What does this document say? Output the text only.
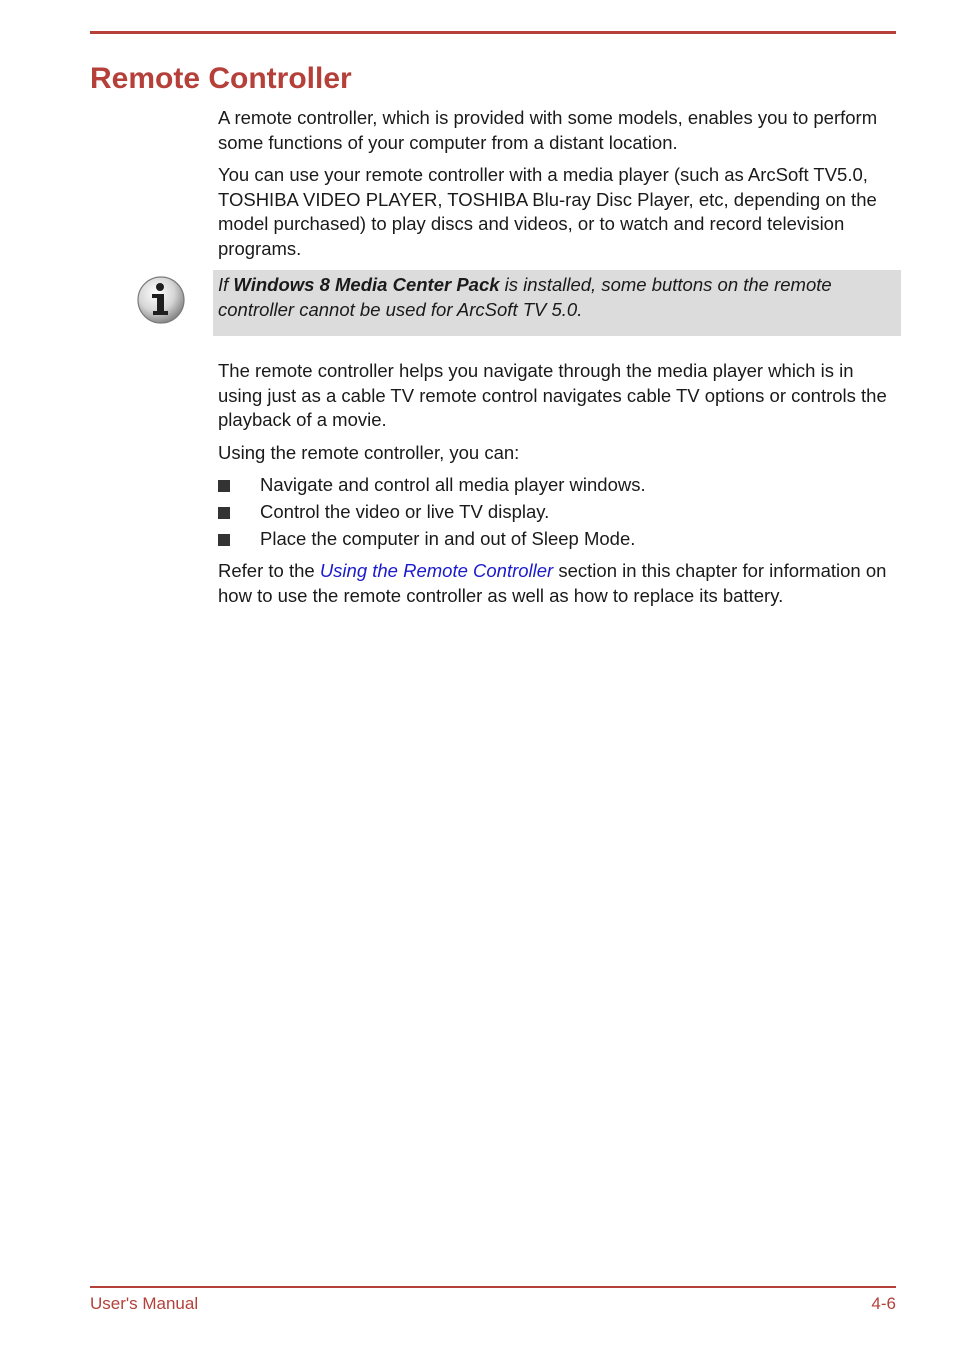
Remote Controller

A remote controller, which is provided with some models, enables you to perform some functions of your computer from a distant location.

You can use your remote controller with a media player (such as ArcSoft TV5.0, TOSHIBA VIDEO PLAYER, TOSHIBA Blu-ray Disc Player, etc, depending on the model purchased) to play discs and videos, or to watch and record television programs.

If Windows 8 Media Center Pack is installed, some buttons on the remote controller cannot be used for ArcSoft TV 5.0.

The remote controller helps you navigate through the media player which is in using just as a cable TV remote control navigates cable TV options or controls the playback of a movie.

Using the remote controller, you can:

Navigate and control all media player windows.
Control the video or live TV display.
Place the computer in and out of Sleep Mode.

Refer to the Using the Remote Controller section in this chapter for information on how to use the remote controller as well as how to replace its battery.

User's Manual	4-6
